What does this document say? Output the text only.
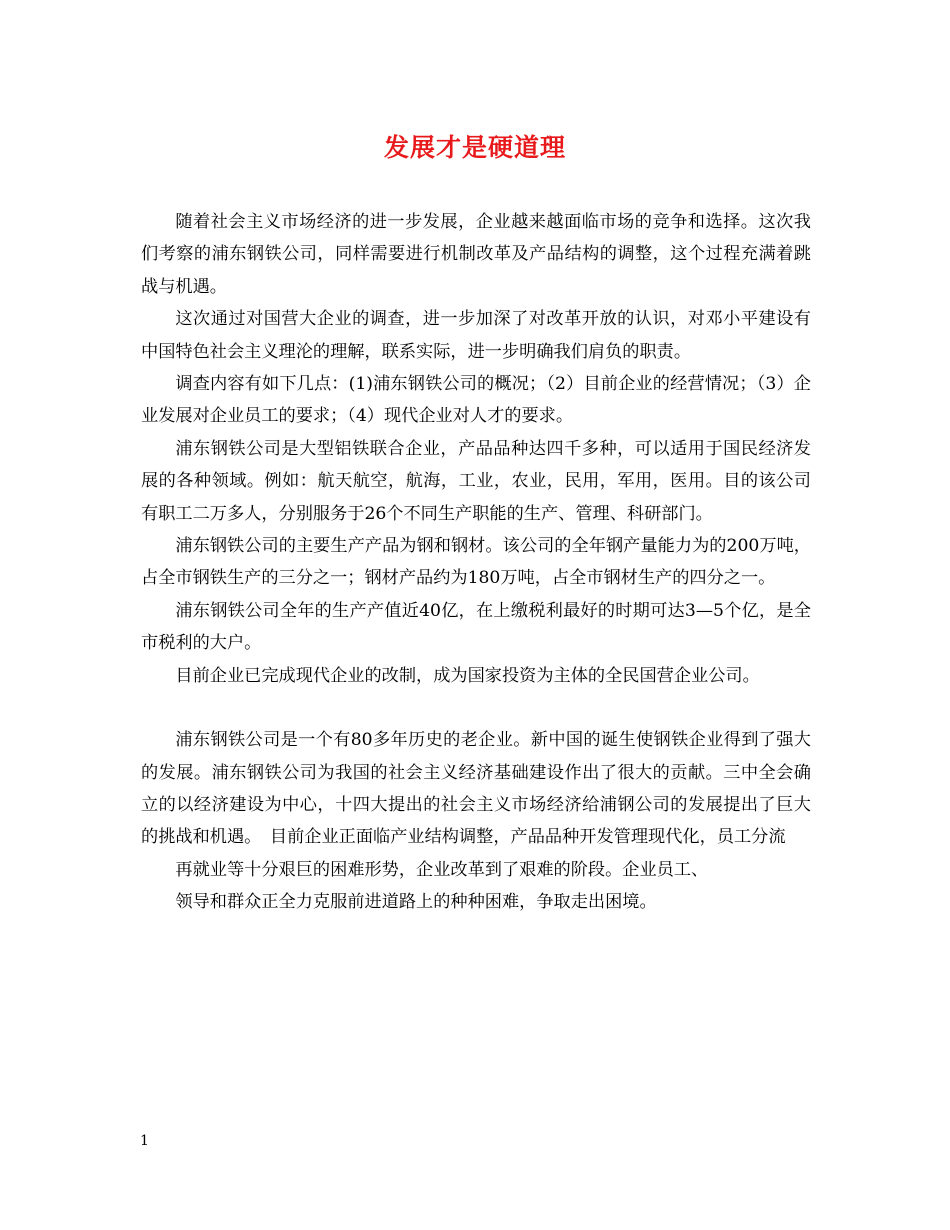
发展才是硬道理

随着社会主义市场经济的进一步发展，企业越来越面临市场的竞争和选择。这次我们考察的浦东钢铁公司，同样需要进行机制改革及产品结构的调整，这个过程充满着跳战与机遇。

这次通过对国营大企业的调查，进一步加深了对改革开放的认识，对邓小平建设有中国特色社会主义理沦的理解，联系实际，进一步明确我们肩负的职责。

调查内容有如下几点：(1)浦东钢铁公司的概况；（2）目前企业的经营情况；（3）企业发展对企业员工的要求；（4）现代企业对人才的要求。

浦东钢铁公司是大型铝铁联合企业，产品品种达四千多种，可以适用于国民经济发展的各种领域。例如：航天航空，航海，工业，农业，民用，军用，医用。目的该公司有职工二万多人，分别服务于26个不同生产职能的生产、管理、科研部门。

浦东钢铁公司的主要生产产品为钢和钢材。该公司的全年钢产量能力为的200万吨，占全市钢铁生产的三分之一；钢材产品约为180万吨，占全市钢材生产的四分之一。

浦东钢铁公司全年的生产产值近40亿，在上缴税利最好的时期可达3—5个亿，是全市税利的大户。

目前企业已完成现代企业的改制，成为国家投资为主体的全民国营企业公司。

浦东钢铁公司是一个有80多年历史的老企业。新中国的诞生使钢铁企业得到了强大的发展。浦东钢铁公司为我国的社会主义经济基础建设作出了很大的贡献。三中全会确立的以经济建设为中心，十四大提出的社会主义市场经济给浦钢公司的发展提出了巨大的挑战和机遇。　目前企业正面临产业结构调整，产品品种开发管理现代化，员工分流

再就业等十分艰巨的困难形势，企业改革到了艰难的阶段。企业员工、

领导和群众正全力克服前进道路上的种种困难，争取走出困境。

1
